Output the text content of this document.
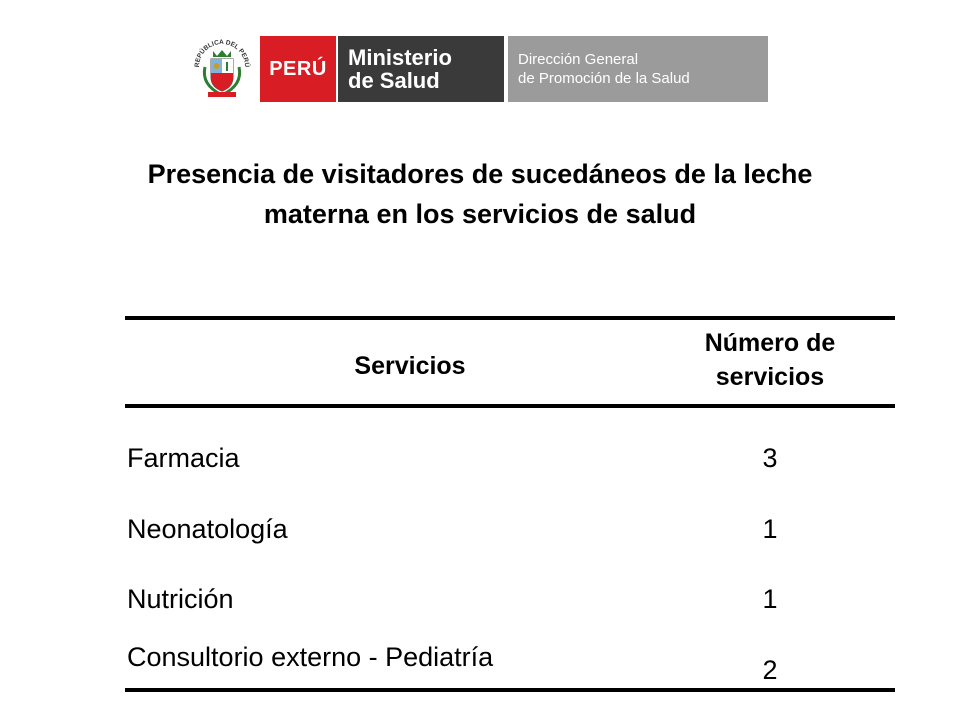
REPÚBLICA DEL PERÚ PERÚ Ministerio
de Salud
Dirección General
de Promoción de la Salud
Presencia de visitadores de sucedáneos de la leche
materna en los servicios de salud
Servicios
Número de
servicios
Farmacia	3
Neonatología	1
Nutrición	1
Consultorio externo - Pediatría	2
